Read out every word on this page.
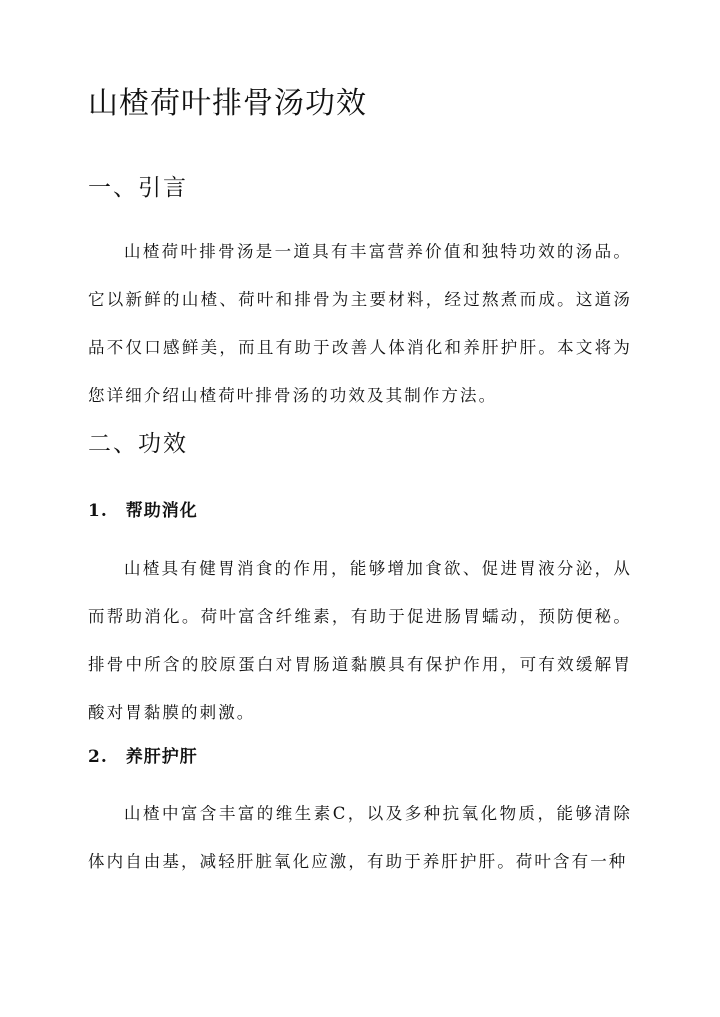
山楂荷叶排骨汤功效
一、引言

山楂荷叶排骨汤是一道具有丰富营养价值和独特功效的汤品。它以新鲜的山楂、荷叶和排骨为主要材料，经过熬煮而成。这道汤品不仅口感鲜美，而且有助于改善人体消化和养肝护肝。本文将为您详细介绍山楂荷叶排骨汤的功效及其制作方法。

二、功效
1.　帮助消化

山楂具有健胃消食的作用，能够增加食欲、促进胃液分泌，从而帮助消化。荷叶富含纤维素，有助于促进肠胃蠕动，预防便秘。排骨中所含的胶原蛋白对胃肠道黏膜具有保护作用，可有效缓解胃酸对胃黏膜的刺激。

2.　养肝护肝

山楂中富含丰富的维生素C，以及多种抗氧化物质，能够清除体内自由基，减轻肝脏氧化应激，有助于养肝护肝。荷叶含有一种
